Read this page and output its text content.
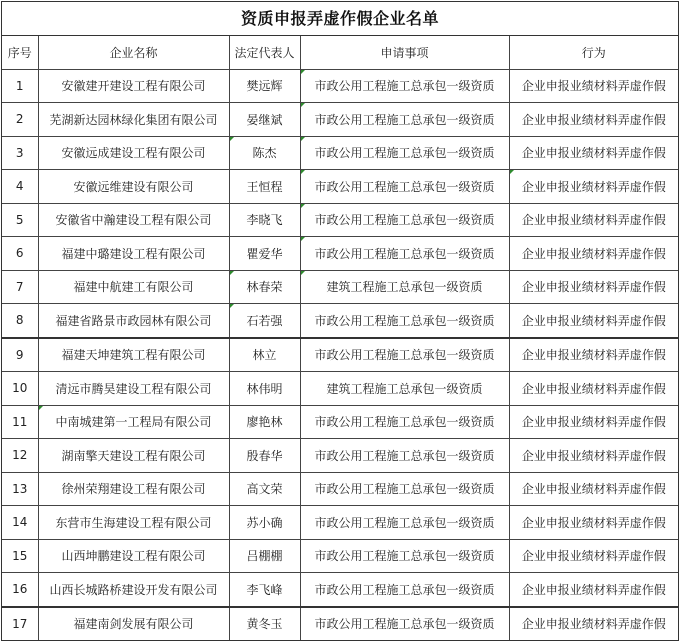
资质申报弄虚作假企业名单
序号	企业名称	法定代表人	申请事项	行为
1	安徽建开建设工程有限公司	樊远辉	市政公用工程施工总承包一级资质	企业申报业绩材料弄虚作假
2	芜湖新达园林绿化集团有限公司	晏继斌	市政公用工程施工总承包一级资质	企业申报业绩材料弄虚作假
3	安徽远成建设工程有限公司	陈杰	市政公用工程施工总承包一级资质	企业申报业绩材料弄虚作假
4	安徽远维建设有限公司	王恒程	市政公用工程施工总承包一级资质	企业申报业绩材料弄虚作假
5	安徽省中瀚建设工程有限公司	李晓飞	市政公用工程施工总承包一级资质	企业申报业绩材料弄虚作假
6	福建中璐建设工程有限公司	瞿爱华	市政公用工程施工总承包一级资质	企业申报业绩材料弄虚作假
7	福建中航建工有限公司	林春荣	建筑工程施工总承包一级资质	企业申报业绩材料弄虚作假
8	福建省路景市政园林有限公司	石若强	市政公用工程施工总承包一级资质	企业申报业绩材料弄虚作假
9	福建天坤建筑工程有限公司	林立	市政公用工程施工总承包一级资质	企业申报业绩材料弄虚作假
10	清远市腾昊建设工程有限公司	林伟明	建筑工程施工总承包一级资质	企业申报业绩材料弄虚作假
11	中南城建第一工程局有限公司	廖艳林	市政公用工程施工总承包一级资质	企业申报业绩材料弄虚作假
12	湖南擎天建设工程有限公司	殷春华	市政公用工程施工总承包一级资质	企业申报业绩材料弄虚作假
13	徐州荣翔建设工程有限公司	高文荣	市政公用工程施工总承包一级资质	企业申报业绩材料弄虚作假
14	东营市生海建设工程有限公司	苏小确	市政公用工程施工总承包一级资质	企业申报业绩材料弄虚作假
15	山西坤鹏建设工程有限公司	吕棚棚	市政公用工程施工总承包一级资质	企业申报业绩材料弄虚作假
16	山西长城路桥建设开发有限公司	李飞峰	市政公用工程施工总承包一级资质	企业申报业绩材料弄虚作假
17	福建南剑发展有限公司	黄冬玉	市政公用工程施工总承包一级资质	企业申报业绩材料弄虚作假
